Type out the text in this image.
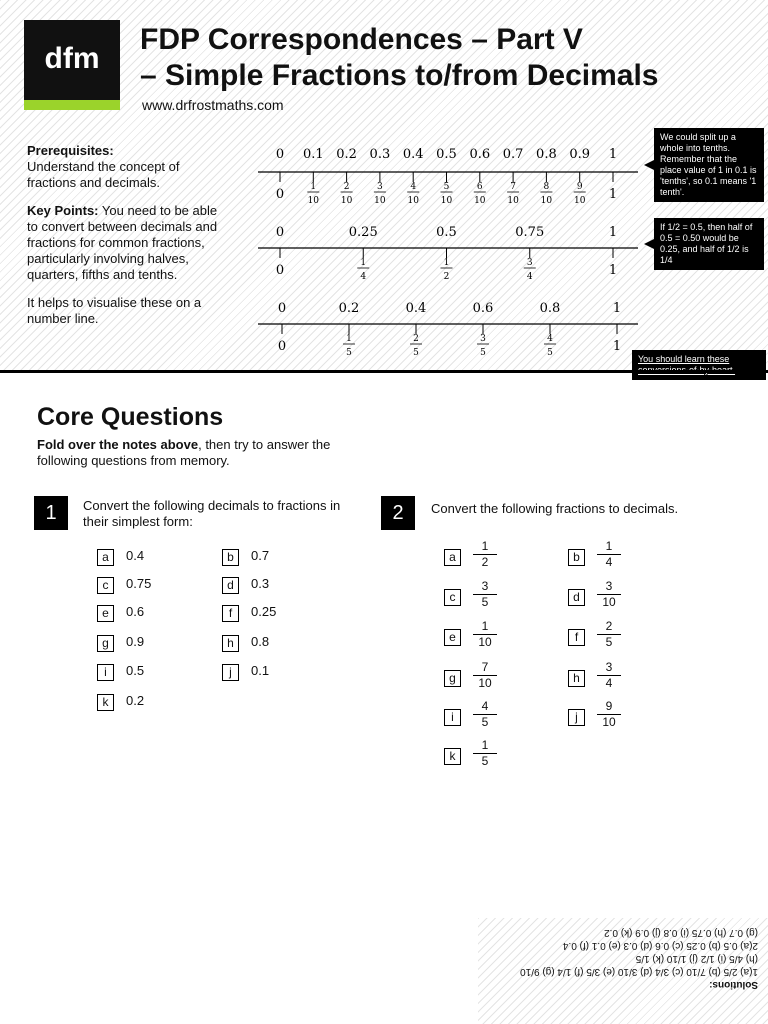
dfm
FDP Correspondences – Part V
– Simple Fractions to/from Decimals
www.drfrostmaths.com

Prerequisites:
Understand the concept of fractions and decimals.

Key Points: You need to be able to convert between decimals and fractions for common fractions, particularly involving halves, quarters, fifths and tenths.

It helps to visualise these on a number line.

0
0
0.1
1
10
0.2
2
10
0.3
3
10
0.4
4
10
0.5
5
10
0.6
6
10
0.7
7
10
0.8
8
10
0.9
9
10
1
1
0
0
0.25
1
4
0.5
1
2
0.75
3
4
1
1
0
0
0.2
1
5
0.4
2
5
0.6
3
5
0.8
4
5
1
1
We could split up a whole into tenths. Remember that the place value of 1 in 0.1 is 'tenths', so 0.1 means '1 tenth'.
If 1/2 = 0.5, then half of 0.5 = 0.50 would be 0.25, and half of 1/2 is 1/4
You should learn these
Core Questions
Fold over the notes above, then try to answer the following questions from memory.
1	Convert the following decimals to fractions in their simplest form:
a	0.4	b	0.7
c	0.75	d	0.3
e	0.6	f	0.25
g	0.9	h	0.8
i	0.5	j	0.1
k	0.2
2	Convert the following fractions to decimals.
a	$\frac{1}{2}$	b	$\frac{1}{4}$
c	$\frac{3}{5}$	d	$\frac{3}{10}$
e	$\frac{1}{10}$	f	$\frac{2}{5}$
g	$\frac{7}{10}$	h	$\frac{3}{4}$
i	$\frac{4}{5}$	j	$\frac{9}{10}$
k	$\frac{1}{5}$
Solutions:
1(a) 2/5 (b) 7/10 (c) 3/4 (d) 3/10 (e) 3/5 (f) 1/4 (g) 9/10
(h) 4/5 (i) 1/2 (j) 1/10 (k) 1/5
2(a) 0.5 (b) 0.25 (c) 0.6 (d) 0.3 (e) 0.1 (f) 0.4
(g) 0.7 (h) 0.75 (i) 0.8 (j) 0.9 (k) 0.2
